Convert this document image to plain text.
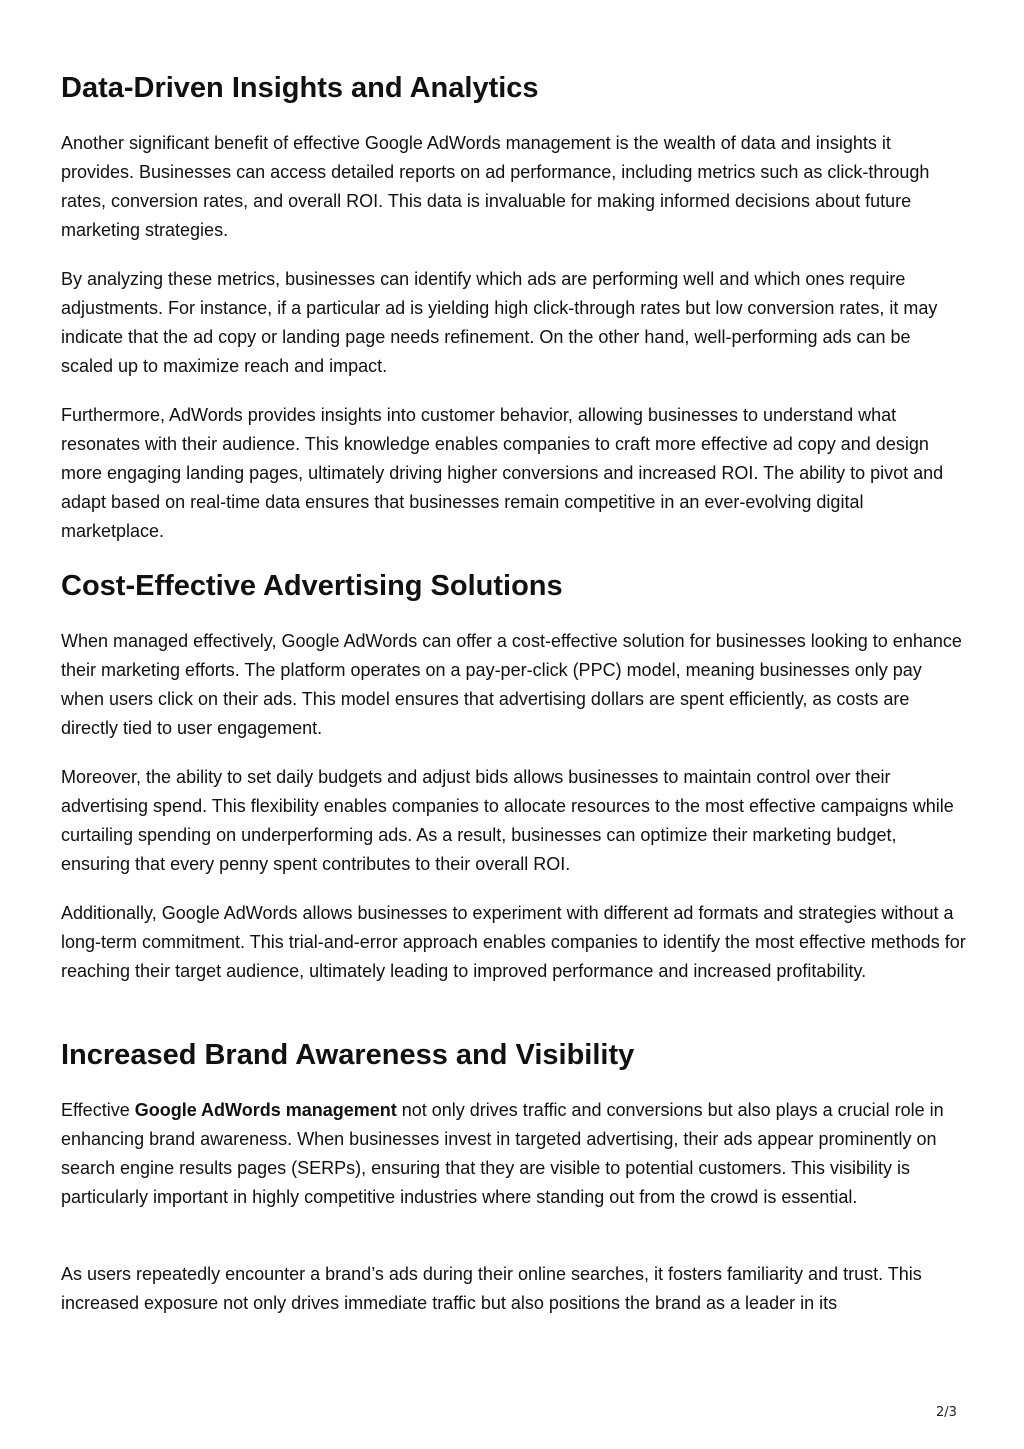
Data-Driven Insights and Analytics

Another significant benefit of effective Google AdWords management is the wealth of data and insights it provides. Businesses can access detailed reports on ad performance, including metrics such as click-through rates, conversion rates, and overall ROI. This data is invaluable for making informed decisions about future marketing strategies.

By analyzing these metrics, businesses can identify which ads are performing well and which ones require adjustments. For instance, if a particular ad is yielding high click-through rates but low conversion rates, it may indicate that the ad copy or landing page needs refinement. On the other hand, well-performing ads can be scaled up to maximize reach and impact.

Furthermore, AdWords provides insights into customer behavior, allowing businesses to understand what resonates with their audience. This knowledge enables companies to craft more effective ad copy and design more engaging landing pages, ultimately driving higher conversions and increased ROI. The ability to pivot and adapt based on real-time data ensures that businesses remain competitive in an ever-evolving digital marketplace.

Cost-Effective Advertising Solutions

When managed effectively, Google AdWords can offer a cost-effective solution for businesses looking to enhance their marketing efforts. The platform operates on a pay-per-click (PPC) model, meaning businesses only pay when users click on their ads. This model ensures that advertising dollars are spent efficiently, as costs are directly tied to user engagement.

Moreover, the ability to set daily budgets and adjust bids allows businesses to maintain control over their advertising spend. This flexibility enables companies to allocate resources to the most effective campaigns while curtailing spending on underperforming ads. As a result, businesses can optimize their marketing budget, ensuring that every penny spent contributes to their overall ROI.

Additionally, Google AdWords allows businesses to experiment with different ad formats and strategies without a long-term commitment. This trial-and-error approach enables companies to identify the most effective methods for reaching their target audience, ultimately leading to improved performance and increased profitability.

Increased Brand Awareness and Visibility

Effective Google AdWords management not only drives traffic and conversions but also plays a crucial role in enhancing brand awareness. When businesses invest in targeted advertising, their ads appear prominently on search engine results pages (SERPs), ensuring that they are visible to potential customers. This visibility is particularly important in highly competitive industries where standing out from the crowd is essential.

As users repeatedly encounter a brand’s ads during their online searches, it fosters familiarity and trust. This increased exposure not only drives immediate traffic but also positions the brand as a leader in its

2/3
